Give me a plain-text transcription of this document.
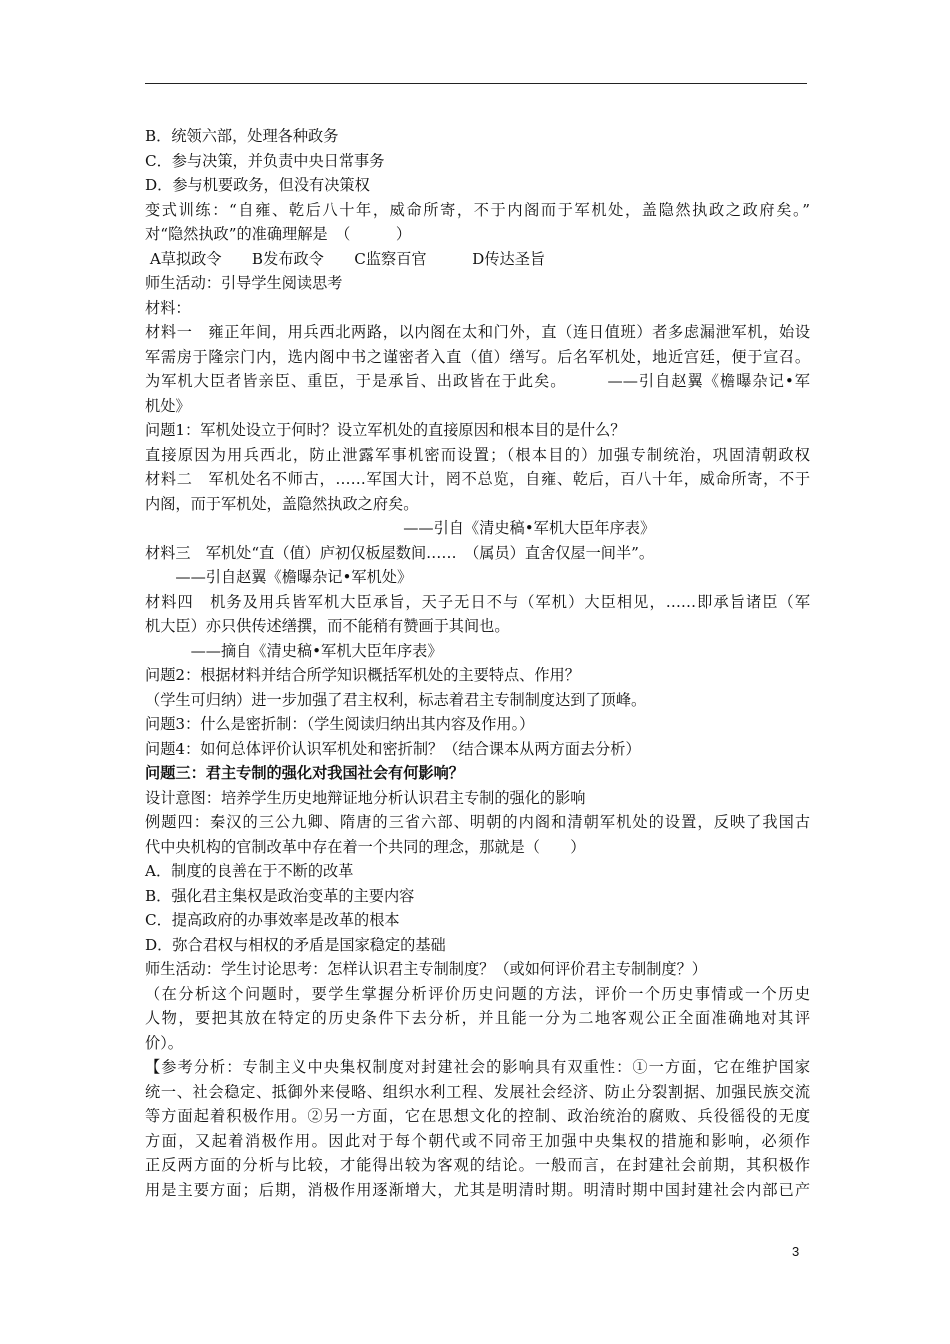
B．统领六部，处理各种政务
C．参与决策，并负责中央日常事务
D．参与机要政务，但没有决策权
变式训练：“自雍、乾后八十年，威命所寄，不于内阁而于军机处，盖隐然执政之政府矣。”
对“隐然执政”的准确理解是　（　　　）
A草拟政令　　B发布政令　　C监察百官　　　D传达圣旨
师生活动：引导学生阅读思考
材料：
材料一　雍正年间，用兵西北两路，以内阁在太和门外，直（连日值班）者多虑漏泄军机，始设
军需房于隆宗门内，选内阁中书之谨密者入直（值）缮写。后名军机处，地近宫廷，便于宣召。
为军机大臣者皆亲臣、重臣，于是承旨、出政皆在于此矣。　　　——引自赵翼《檐曝杂记•军
机处》
问题1：军机处设立于何时？设立军机处的直接原因和根本目的是什么？
直接原因为用兵西北，防止泄露军事机密而设置；（根本目的）加强专制统治，巩固清朝政权
材料二　军机处名不师古，……军国大计，罔不总览，自雍、乾后，百八十年，威命所寄，不于
内阁，而于军机处，盖隐然执政之府矣。
　　　　　　　　　　　　　　　　　——引自《清史稿•军机大臣年序表》
材料三　军机处“直（值）庐初仅板屋数间……　（属员）直舍仅屋一间半”。
　　——引自赵翼《檐曝杂记•军机处》
材料四　机务及用兵皆军机大臣承旨，天子无日不与（军机）大臣相见，……即承旨诸臣（军
机大臣）亦只供传述缮撰，而不能稍有赞画于其间也。
　　　——摘自《清史稿•军机大臣年序表》
问题2：根据材料并结合所学知识概括军机处的主要特点、作用？
（学生可归纳）进一步加强了君主权利，标志着君主专制制度达到了顶峰。
问题3：什么是密折制：（学生阅读归纳出其内容及作用。）
问题4：如何总体评价认识军机处和密折制？（结合课本从两方面去分析）
问题三：君主专制的强化对我国社会有何影响？
设计意图：培养学生历史地辩证地分析认识君主专制的强化的影响
例题四：秦汉的三公九卿、隋唐的三省六部、明朝的内阁和清朝军机处的设置，反映了我国古
代中央机构的官制改革中存在着一个共同的理念，那就是（　　）
A．制度的良善在于不断的改革
B．强化君主集权是政治变革的主要内容
C．提高政府的办事效率是改革的根本
D．弥合君权与相权的矛盾是国家稳定的基础
师生活动：学生讨论思考：怎样认识君主专制制度？（或如何评价君主专制制度？）
（在分析这个问题时，要学生掌握分析评价历史问题的方法，评价一个历史事情或一个历史
人物，要把其放在特定的历史条件下去分析，并且能一分为二地客观公正全面准确地对其评
价）。
【参考分析：专制主义中央集权制度对封建社会的影响具有双重性：①一方面，它在维护国家
统一、社会稳定、抵御外来侵略、组织水利工程、发展社会经济、防止分裂割据、加强民族交流
等方面起着积极作用。②另一方面，它在思想文化的控制、政治统治的腐败、兵役徭役的无度
方面，又起着消极作用。因此对于每个朝代或不同帝王加强中央集权的措施和影响，必须作
正反两方面的分析与比较，才能得出较为客观的结论。一般而言，在封建社会前期，其积极作
用是主要方面；后期，消极作用逐渐增大，尤其是明清时期。明清时期中国封建社会内部已产
3
